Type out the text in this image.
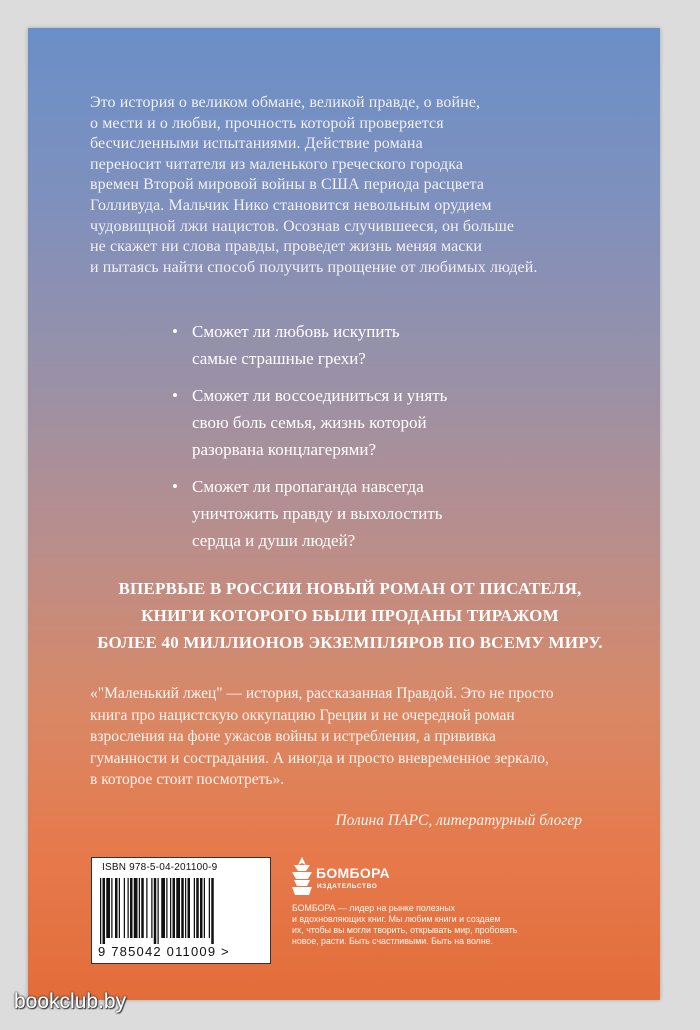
Это история о великом обмане, великой правде, о войне,
о мести и о любви, прочность которой проверяется
бесчисленными испытаниями. Действие романа
переносит читателя из маленького греческого городка
времен Второй мировой войны в США периода расцвета
Голливуда. Мальчик Нико становится невольным орудием
чудовищной лжи нацистов. Осознав случившееся, он больше
не скажет ни слова правды, проведет жизнь меняя маски
и пытаясь найти способ получить прощение от любимых людей.
• Сможет ли любовь искупить
самые страшные грехи?
• Сможет ли воссоединиться и унять
свою боль семья, жизнь которой
разорвана концлагерями?
• Сможет ли пропаганда навсегда
уничтожить правду и выхолостить
сердца и души людей?
ВПЕРВЫЕ В РОССИИ НОВЫЙ РОМАН ОТ ПИСАТЕЛЯ,
КНИГИ КОТОРОГО БЫЛИ ПРОДАНЫ ТИРАЖОМ
БОЛЕЕ 40 МИЛЛИОНОВ ЭКЗЕМПЛЯРОВ ПО ВСЕМУ МИРУ.
«"Маленький лжец" — история, рассказанная Правдой. Это не просто
книга про нацистскую оккупацию Греции и не очередной роман
взросления на фоне ужасов войны и истребления, а прививка
гуманности и сострадания. А иногда и просто вневременное зеркало,
в которое стоит посмотреть».
Полина ПАРС, литературный блогер
ISBN 978-5-04-201100-9
9 785042 011009 >
БОМБОРА
ИЗДАТЕЛЬСТВО
БОМБОРА — лидер на рынке полезных
и вдохновляющих книг. Мы любим книги и создаем
их, чтобы вы могли творить, открывать мир, пробовать
новое, расти. Быть счастливыми. Быть на волне.
bookclub.by
